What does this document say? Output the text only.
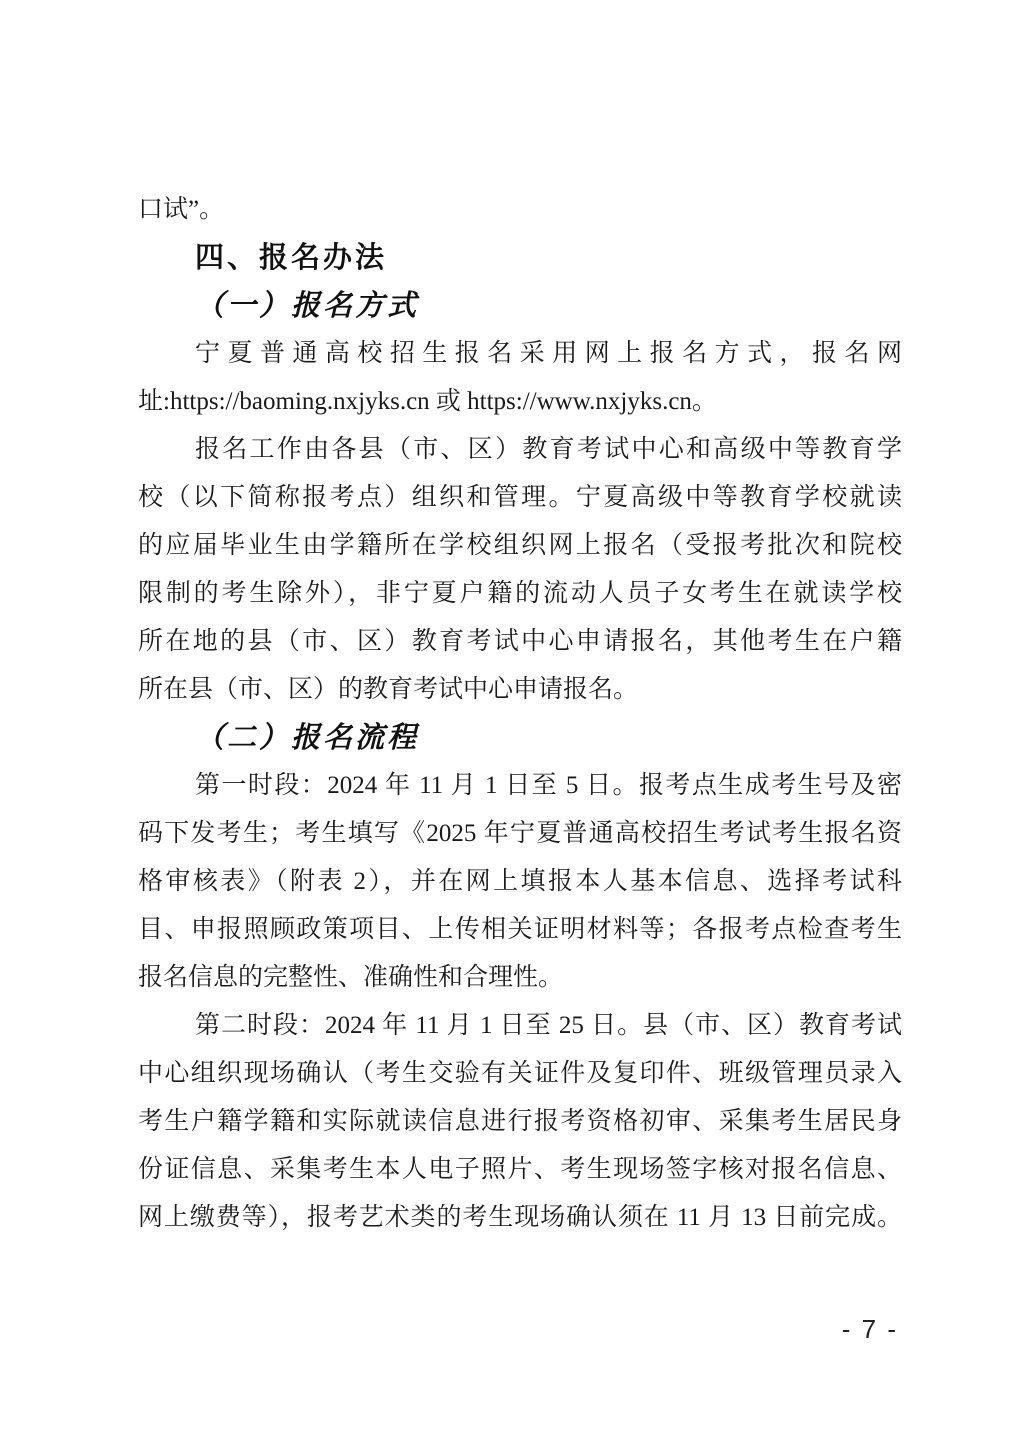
口试”。
四、报名办法
（一）报名方式
宁夏普通高校招生报名采用网上报名方式，报名网
址:https://baoming.nxjyks.cn 或 https://www.nxjyks.cn。
报名工作由各县（市、区）教育考试中心和高级中等教育学
校（以下简称报考点）组织和管理。宁夏高级中等教育学校就读
的应届毕业生由学籍所在学校组织网上报名（受报考批次和院校
限制的考生除外），非宁夏户籍的流动人员子女考生在就读学校
所在地的县（市、区）教育考试中心申请报名，其他考生在户籍
所在县（市、区）的教育考试中心申请报名。
（二）报名流程
第一时段：2024 年 11 月 1 日至 5 日。报考点生成考生号及密
码下发考生；考生填写《2025 年宁夏普通高校招生考试考生报名资
格审核表》（附表 2），并在网上填报本人基本信息、选择考试科
目、申报照顾政策项目、上传相关证明材料等；各报考点检查考生
报名信息的完整性、准确性和合理性。
第二时段：2024 年 11 月 1 日至 25 日。县（市、区）教育考试
中心组织现场确认（考生交验有关证件及复印件、班级管理员录入
考生户籍学籍和实际就读信息进行报考资格初审、采集考生居民身
份证信息、采集考生本人电子照片、考生现场签字核对报名信息、
网上缴费等），报考艺术类的考生现场确认须在 11 月 13 日前完成。
- 7 -
